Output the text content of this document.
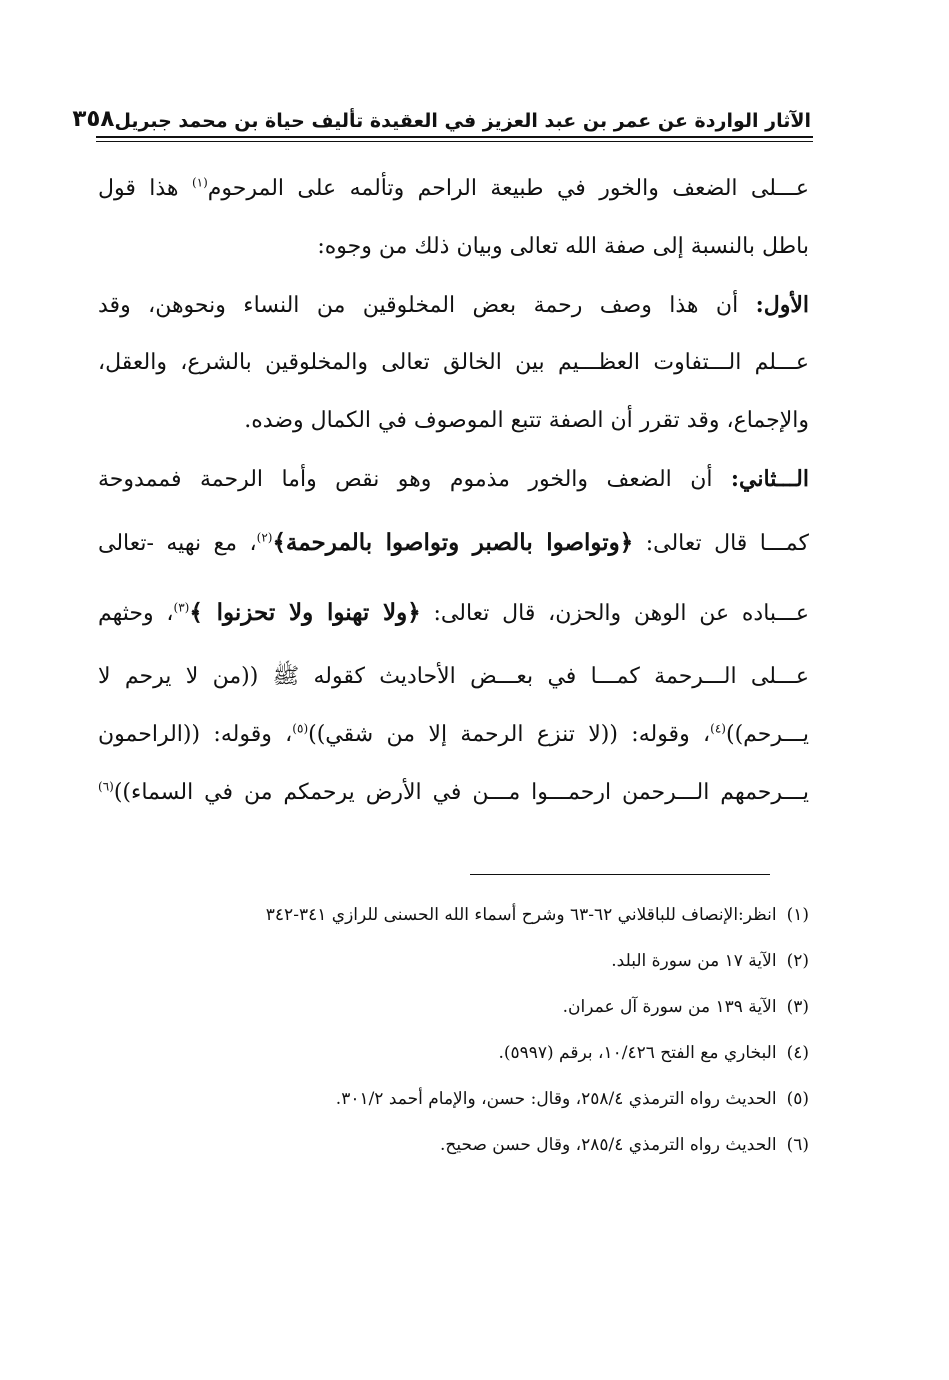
الآثار الواردة عن عمر بن عبد العزيز في العقيدة تأليف حياة بن محمد جبريل
٣٥٨
عـــلى الضعف والخور في طبيعة الراحم وتألمه على المرحوم$^{(١)}$ هذا قول
باطل بالنسبة إلى صفة الله تعالى وبيان ذلك من وجوه:
الأول: أن هذا وصف رحمة بعض المخلوقين من النساء ونحوهن، وقد
عـــلم الـــتفاوت العظـــيم بين الخالق تعالى والمخلوقين بالشرع، والعقل،
والإجماع، وقد تقرر أن الصفة تتبع الموصوف في الكمال وضده.
الـــثاني: أن الضعف والخور مذموم وهو نقص وأما الرحمة فممدوحة
كمـــا قال تعالى: ﴿وتواصوا بالصبر وتواصوا بالمرحمة﴾$^{(٢)}$، مع نهيه -تعالى
عـــباده عن الوهن والحزن، قال تعالى: ﴿ولا تهنوا ولا تحزنوا ﴾$^{(٣)}$، وحثهم
عـــلى الـــرحمة كمـــا في بعـــض الأحاديث كقوله ﷺ ((من لا يرحم لا
يـــرحم))$^{(٤)}$، وقوله: ((لا تنزع الرحمة إلا من شقي))$^{(٥)}$، وقوله: ((الراحمون
يـــرحمهم الـــرحمن ارحمـــوا مـــن في الأرض يرحمكم من في السماء))$^{(٦)}$
(١)انظر:الإنصاف للباقلاني ٦٢-٦٣ وشرح أسماء الله الحسنى للرازي ٣٤١-٣٤٢
(٢)الآية ١٧ من سورة البلد.
(٣)الآية ١٣٩ من سورة آل عمران.
(٤)البخاري مع الفتح ١٠/٤٢٦، برقم (٥٩٩٧).
(٥)الحديث رواه الترمذي ٢٥٨/٤، وقال: حسن، والإمام أحمد ٣٠١/٢.
(٦)الحديث رواه الترمذي ٢٨٥/٤، وقال حسن صحيح.
